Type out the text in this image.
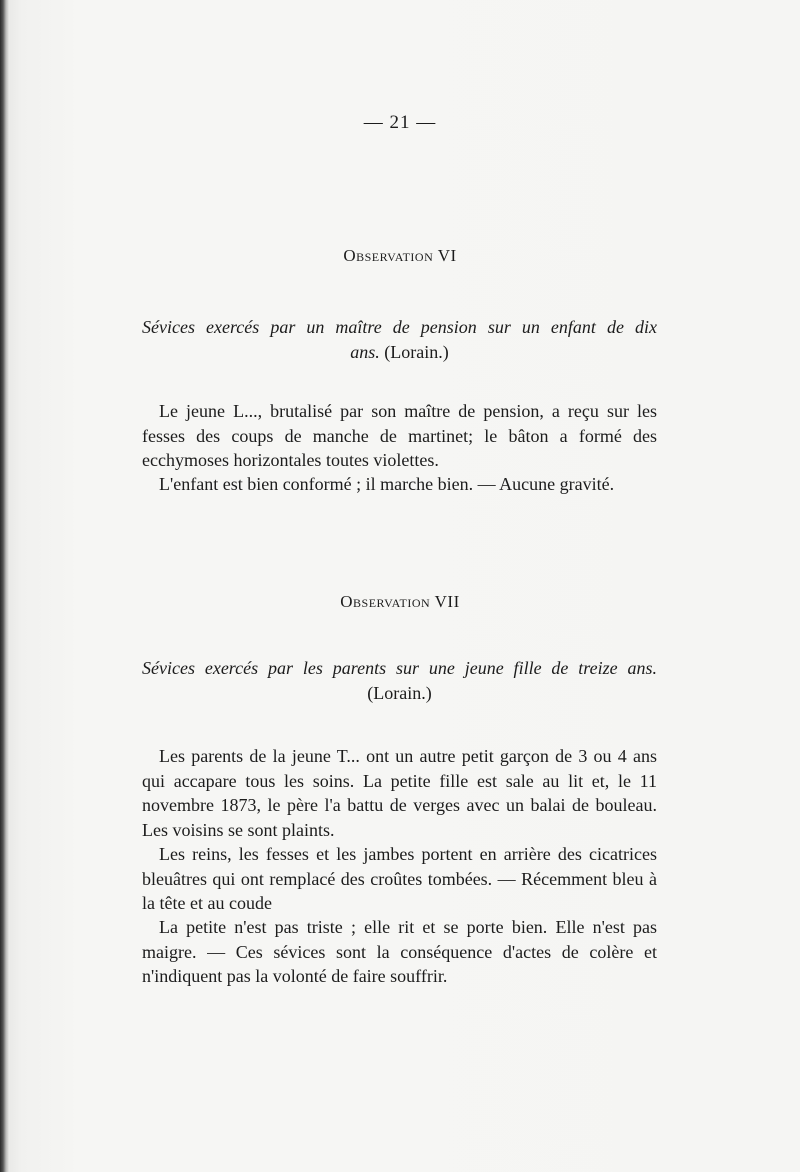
— 21 —
Observation VI
Sévices exercés par un maître de pension sur un enfant de dix
ans. (Lorain.)

Le jeune L..., brutalisé par son maître de pension, a reçu sur les fesses des coups de manche de martinet; le bâton a formé des ecchymoses horizontales toutes violettes.

L'enfant est bien conformé ; il marche bien. — Aucune gravité.

Observation VII
Sévices exercés par les parents sur une jeune fille de treize ans.
(Lorain.)

Les parents de la jeune T... ont un autre petit garçon de 3 ou 4 ans qui accapare tous les soins. La petite fille est sale au lit et, le 11 novembre 1873, le père l'a battu de verges avec un balai de bouleau. Les voisins se sont plaints.

Les reins, les fesses et les jambes portent en arrière des cicatrices bleuâtres qui ont remplacé des croûtes tombées. — Récemment bleu à la tête et au coude

La petite n'est pas triste ; elle rit et se porte bien. Elle n'est pas maigre. — Ces sévices sont la conséquence d'actes de colère et n'indiquent pas la volonté de faire souffrir.
